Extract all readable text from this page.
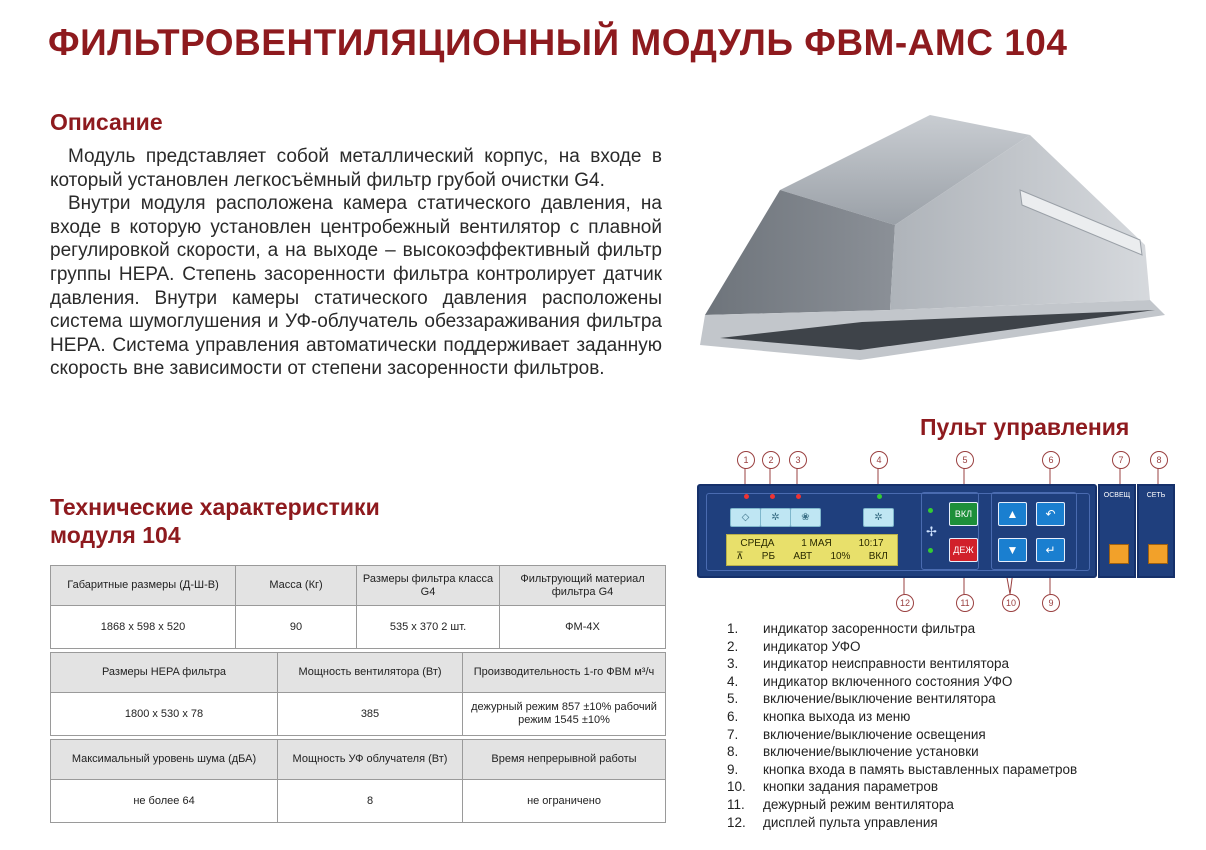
ФИЛЬТРОВЕНТИЛЯЦИОННЫЙ МОДУЛЬ ФВМ-АМС 104
Описание

Модуль представляет собой металлический корпус, на входе в который установлен легкосъёмный фильтр грубой очистки G4.

Внутри модуля расположена камера статического давления, на входе в которую установлен центробежный вентилятор с плавной регулировкой скорости, а на выходе – высокоэффективный фильтр группы HEPA. Степень засоренности фильтра контролирует датчик давления. Внутри камеры статического давления расположены система шумоглушения и УФ-облучатель обеззараживания фильтра HEPA. Система управления автоматически поддерживает заданную скорость вне зависимости от степени засоренности фильтров.

Технические характеристики
модуля 104
Габаритные размеры (Д-Ш-В)	Масса (Кг)	Размеры фильтра класса G4	Фильтрующий материал фильтра G4
1868 х 598 х 520	90	535 х 370 2 шт.	ФМ-4Х
Размеры HEPA фильтра	Мощность вентилятора (Вт)	Производительность 1-го ФВМ м³/ч
1800 х 530 х 78	385	дежурный режим 857 ±10% рабочий режим 1545 ±10%
Максимальный уровень шума (дБА)	Мощность УФ облучателя (Вт)	Время непрерывной работы
не более 64	8	не ограничено
Пульт управления
1	2	3	4	5	6	7	8
9
10
11
12
◇	✲	❀	✲
СРЕДА	1 МАЯ	10:17
⊼ РБ АВТ 10% ВКЛ
✢
ВКЛ
ДЕЖ
▲
▼
↶
↵
ОСВЕЩ	СЕТЬ
1.	индикатор засоренности фильтра
2.	индикатор УФО
3.	индикатор неисправности вентилятора
4.	индикатор включенного состояния УФО
5.	включение/выключение вентилятора
6.	кнопка выхода из меню
7.	включение/выключение освещения
8.	включение/выключение установки
9.	кнопка входа в память выставленных параметров
10.	кнопки задания параметров
11.	дежурный режим вентилятора
12.	дисплей пульта управления
